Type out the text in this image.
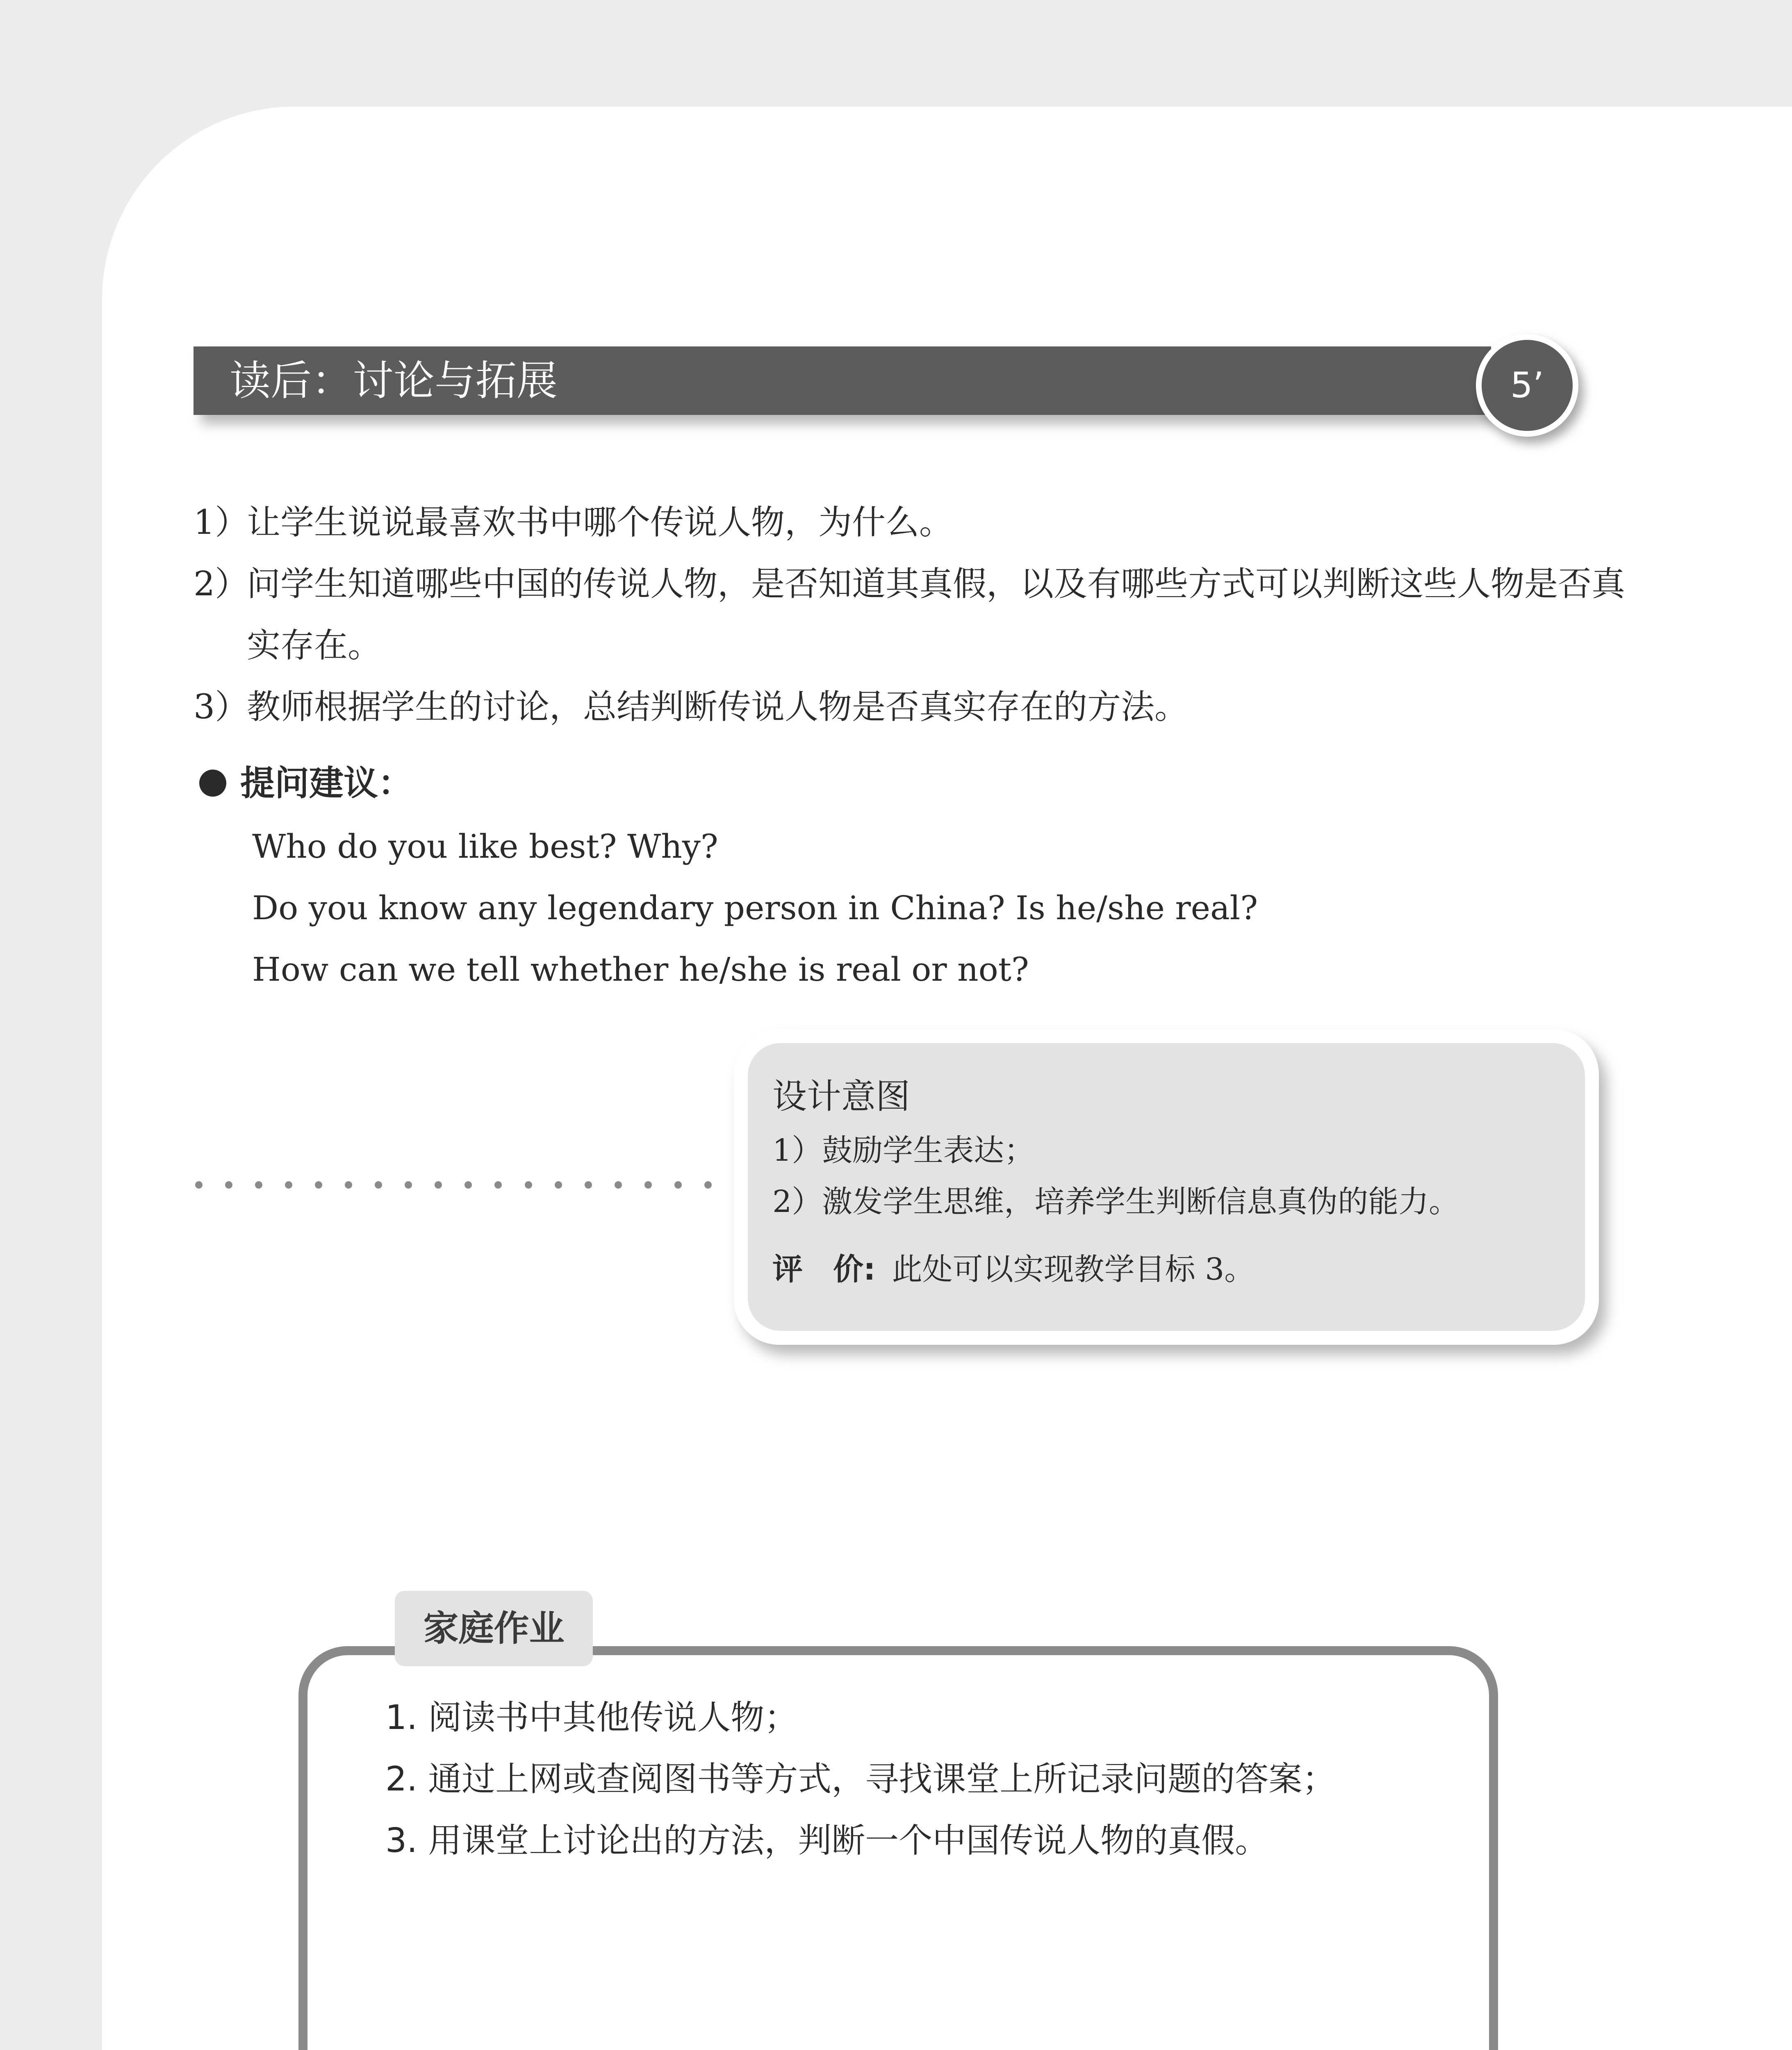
读后：讨论与拓展	5’
1）
让学生说说最喜欢书中哪个传说人物，为什么。
2）
问学生知道哪些中国的传说人物，是否知道其真假，以及有哪些方式可以判断这些人物是否真实存在。
3）
教师根据学生的讨论，总结判断传说人物是否真实存在的方法。
提问建议：
Who do you like best? Why?
Do you know any legendary person in China? Is he/she real?
How can we tell whether he/she is real or not?
设计意图
1）鼓励学生表达；
2）激发学生思维，培养学生判断信息真伪的能力。
评　价: 此处可以实现教学目标 3。
家庭作业
1. 阅读书中其他传说人物；
2. 通过上网或查阅图书等方式，寻找课堂上所记录问题的答案；
3. 用课堂上讨论出的方法，判断一个中国传说人物的真假。
